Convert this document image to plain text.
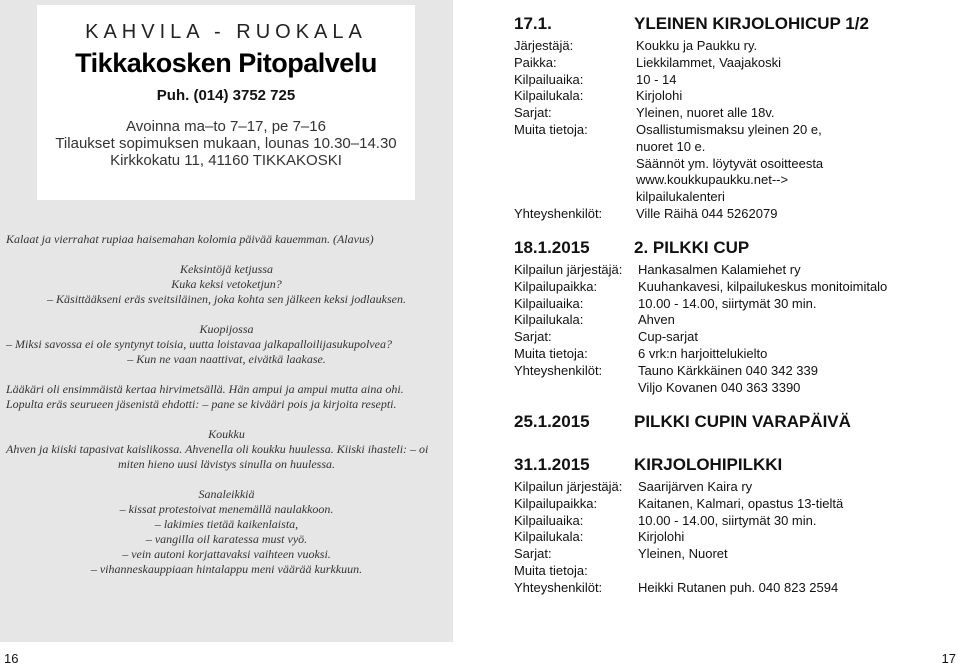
KAHVILA - RUOKALA
Tikkakosken Pitopalvelu
Puh. (014) 3752 725
Avoinna ma–to 7–17, pe 7–16
Tilaukset sopimuksen mukaan, lounas 10.30–14.30
Kirkkokatu 11, 41160 TIKKAKOSKI
Kalaat ja vierrahat rupiaa haisemahan kolomia päivää kauemman. (Alavus)
Keksintöjä ketjussa
Kuka keksi vetoketjun?
– Käsittääkseni eräs sveitsiläinen, joka kohta sen jälkeen keksi jodlauksen.
Kuopijossa
– Miksi savossa ei ole syntynyt toisia, uutta loistavaa jalkapalloilijasukupolvea?
– Kun ne vaan naattivat, eivätkä laakase.
Lääkäri oli ensimmäistä kertaa hirvimetsällä. Hän ampui ja ampui mutta aina ohi.
Lopulta eräs seurueen jäsenistä ehdotti: – pane se kivääri pois ja kirjoita resepti.
Koukku
Ahven ja kiiski tapasivat kaislikossa. Ahvenella oli koukku huulessa. Kiiski ihasteli: – oi
miten hieno uusi lävistys sinulla on huulessa.
Sanaleikkiä
– kissat protestoivat menemällä naulakkoon.
– lakimies tietää kaikenlaista,
– vangilla oil karatessa must vyö.
– vein autoni korjattavaksi vaihteen vuoksi.
– vihanneskauppiaan hintalappu meni väärää kurkkuun.
17.1.	YLEINEN KIRJOLOHICUP 1/2
Järjestäjä:	Koukku ja Paukku ry.
Paikka:	Liekkilammet, Vaajakoski
Kilpailuaika:	10 - 14
Kilpailukala:	Kirjolohi
Sarjat:	Yleinen, nuoret alle 18v.
Muita tietoja:	Osallistumismaksu yleinen 20 e,
nuoret 10 e.
Säännöt ym. löytyvät osoitteesta
www.koukkupaukku.net-->
kilpailukalenteri
Yhteyshenkilöt:	Ville Räihä 044 5262079
18.1.2015	2. PILKKI CUP
Kilpailun järjestäjä:	Hankasalmen Kalamiehet ry
Kilpailupaikka:	Kuuhankavesi, kilpailukeskus monitoimitalo
Kilpailuaika:	10.00 - 14.00, siirtymät 30 min.
Kilpailukala:	Ahven
Sarjat:	Cup-sarjat
Muita tietoja:	6 vrk:n harjoittelukielto
Yhteyshenkilöt:	Tauno Kärkkäinen 040 342 339
Viljo Kovanen 040 363 3390
25.1.2015	PILKKI CUPIN VARAPÄIVÄ
31.1.2015	KIRJOLOHIPILKKI
Kilpailun järjestäjä:	Saarijärven Kaira ry
Kilpailupaikka:	Kaitanen, Kalmari, opastus 13-tieltä
Kilpailuaika:	10.00 - 14.00, siirtymät 30 min.
Kilpailukala:	Kirjolohi
Sarjat:	Yleinen, Nuoret
Muita tietoja:
Yhteyshenkilöt:	Heikki Rutanen puh. 040 823 2594
16	17
